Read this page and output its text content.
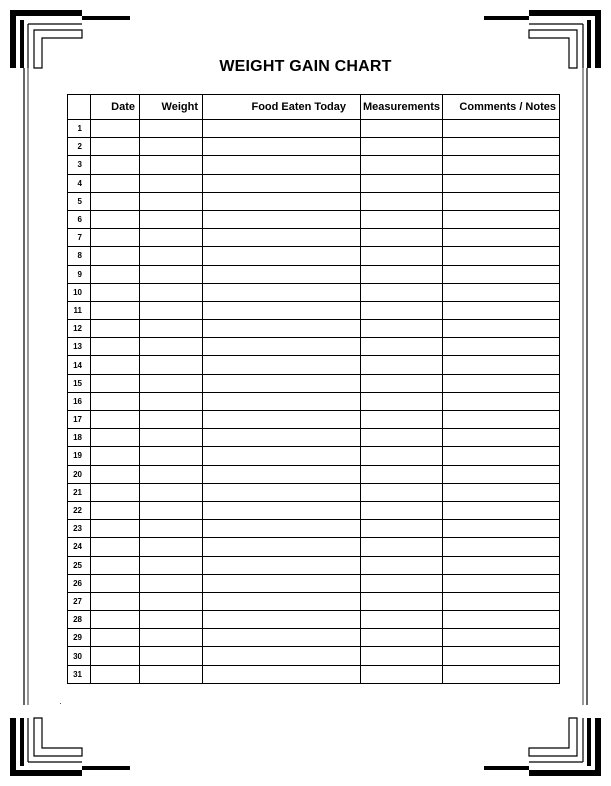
WEIGHT GAIN CHART
	Date	Weight	Food Eaten Today	Measurements	Comments / Notes
1					
2					
3					
4					
5					
6					
7					
8					
9					
10					
11					
12					
13					
14					
15					
16					
17					
18					
19					
20					
21					
22					
23					
24					
25					
26					
27					
28					
29					
30					
31					
